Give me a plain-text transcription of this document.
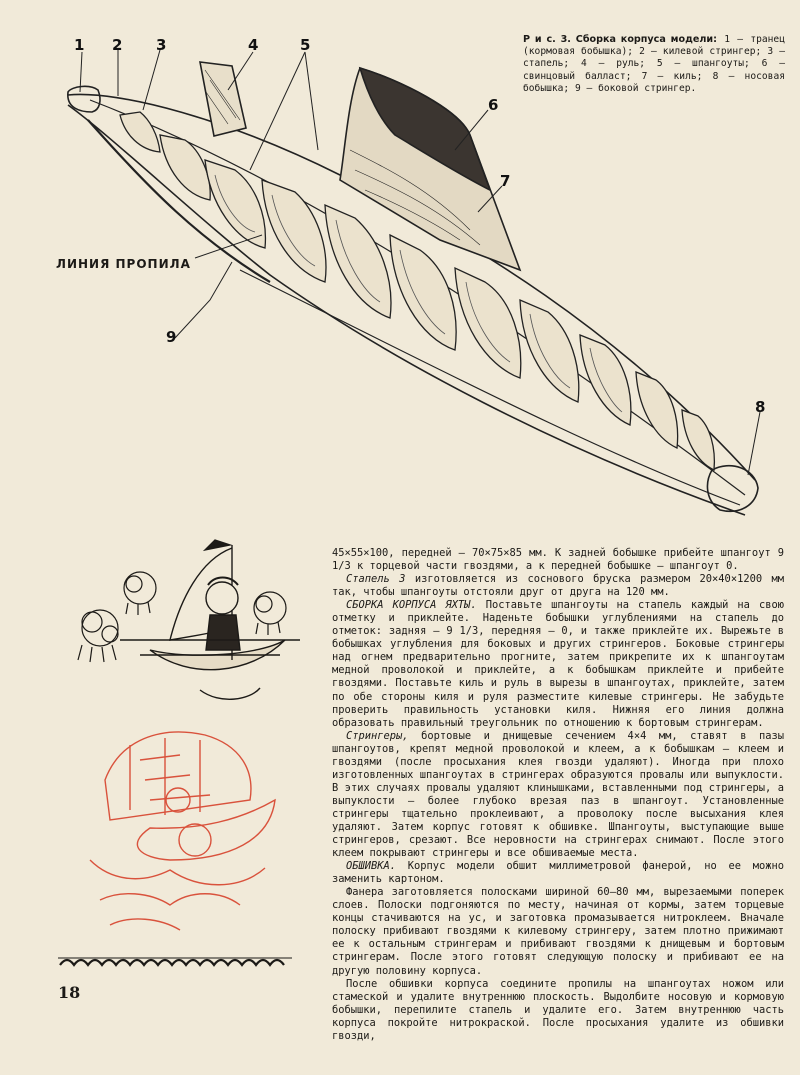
1 2 3	4	5
6
7
8
9
ЛИНИЯ ПРОПИЛА
Р и с. 3. Сборка корпуса модели: 1 — транец (кормовая бобышка); 2 — килевой стрингер; 3 — стапель; 4 — руль; 5 — шпангоуты; 6 — свинцовый балласт; 7 — киль; 8 — носовая бобышка; 9 — боковой стрингер.

45×55×100, передней — 70×75×85 мм. К задней бобышке прибейте шпангоут 9 1/3 к торцевой части гвоздями, а к передней бобышке — шпангоут 0.

Стапель 3 изготовляется из соснового бруска размером 20×40×1200 мм так, чтобы шпангоуты отстояли друг от друга на 120 мм.

СБОРКА КОРПУСА ЯХТЫ. Поставьте шпангоуты на стапель каждый на свою отметку и приклейте. Наденьте бобышки углублениями на стапель до отметок: задняя — 9 1/3, передняя — 0, и также приклейте их. Вырежьте в бобышках углубления для боковых и других стрингеров. Боковые стрингеры над огнем предварительно прогните, затем прикрепите их к шпангоутам медной проволокой и приклейте, а к бобышкам приклейте и прибейте гвоздями. Поставьте киль и руль в вырезы в шпангоутах, приклейте, затем по обе стороны киля и руля разместите килевые стрингеры. Не забудьте проверить правильность установки киля. Нижняя его линия должна образовать правильный треугольник по отношению к бортовым стрингерам.

Стрингеры, бортовые и днищевые сечением 4×4 мм, ставят в пазы шпангоутов, крепят медной проволокой и клеем, а к бобышкам — клеем и гвоздями (после просыхания клея гвозди удаляют). Иногда при плохо изготовленных шпангоутах в стрингерах образуются провалы или выпуклости. В этих случаях провалы удаляют клинышками, вставленными под стрингеры, а выпуклости — более глубоко врезая паз в шпангоут. Установленные стрингеры тщательно проклеивают, а проволоку после высыхания клея удаляют. Затем корпус готовят к обшивке. Шпангоуты, выступающие выше стрингеров, срезают. Все неровности на стрингерах снимают. После этого клеем покрывают стрингеры и все обшиваемые места.

ОБШИВКА. Корпус модели обшит миллиметровой фанерой, но ее можно заменить картоном.

Фанера заготовляется полосками шириной 60—80 мм, вырезаемыми поперек слоев. Полоски подгоняются по месту, начиная от кормы, затем торцевые концы стачиваются на ус, и заготовка промазывается нитроклеем. Вначале полоску прибивают гвоздями к килевому стрингеру, затем плотно прижимают ее к остальным стрингерам и прибивают гвоздями к днищевым и бортовым стрингерам. После этого готовят следующую полоску и прибивают ее на другую половину корпуса.

После обшивки корпуса соедините пропилы на шпангоутах ножом или стамеской и удалите внутреннюю плоскость. Выдолбите носовую и кормовую бобышки, перепилите стапель и удалите его. Затем внутреннюю часть корпуса покройте нитрокраской. После просыхания удалите из обшивки гвозди,

18
